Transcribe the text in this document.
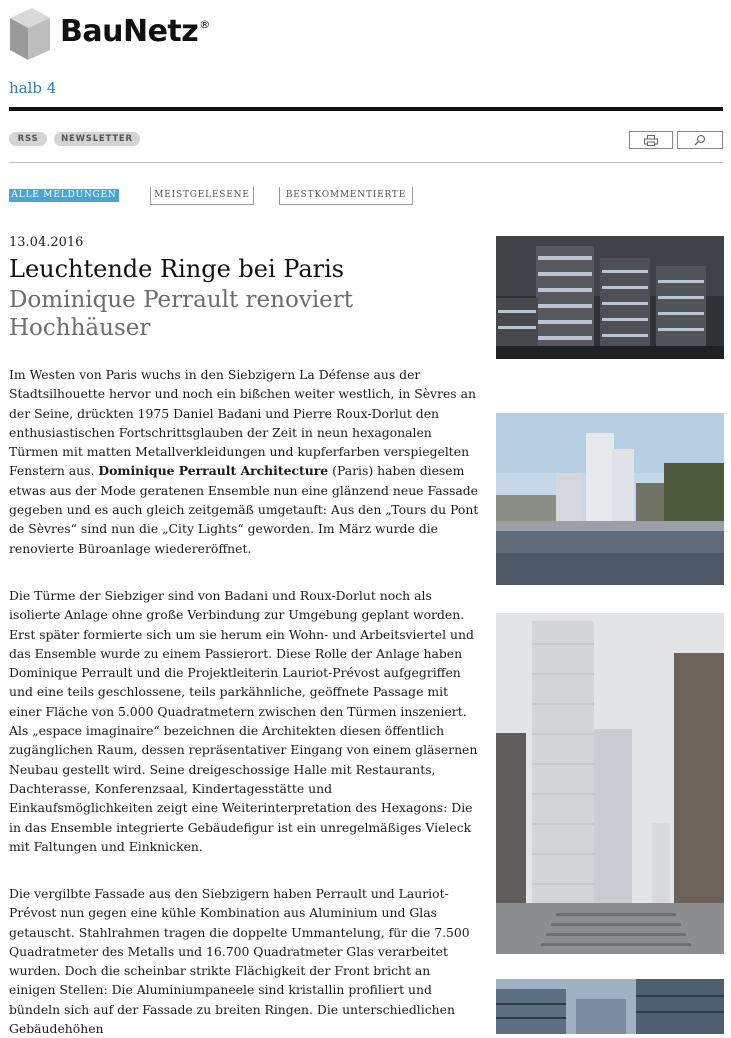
BauNetz®
halb 4
RSS	NEWSLETTER
ALLE MELDUNGEN	MEISTGELESENE	BESTKOMMENTIERTE
13.04.2016
Leuchtende Ringe bei Paris
Dominique Perrault renoviert Hochhäuser

Im Westen von Paris wuchs in den Siebzigern La Défense aus der Stadtsilhouette hervor und noch ein bißchen weiter westlich, in Sèvres an der Seine, drückten 1975 Daniel Badani und Pierre Roux-Dorlut den enthusiastischen Fortschrittsglauben der Zeit in neun hexagonalen Türmen mit matten Metallverkleidungen und kupferfarben verspiegelten Fenstern aus. Dominique Perrault Architecture (Paris) haben diesem etwas aus der Mode geratenen Ensemble nun eine glänzend neue Fassade gegeben und es auch gleich zeitgemäß umgetauft: Aus den „Tours du Pont de Sèvres“ sind nun die „City Lights“ geworden. Im März wurde die renovierte Büroanlage wiedereröffnet.

Die Türme der Siebziger sind von Badani und Roux-Dorlut noch als isolierte Anlage ohne große Verbindung zur Umgebung geplant worden. Erst später formierte sich um sie herum ein Wohn- und Arbeitsviertel und das Ensemble wurde zu einem Passierort. Diese Rolle der Anlage haben Dominique Perrault und die Projektleiterin Lauriot-Prévost aufgegriffen und eine teils geschlossene, teils parkähnliche, geöffnete Passage mit einer Fläche von 5.000 Quadratmetern zwischen den Türmen inszeniert. Als „espace imaginaire“ bezeichnen die Architekten diesen öffentlich zugänglichen Raum, dessen repräsentativer Eingang von einem gläsernen Neubau gestellt wird. Seine dreigeschossige Halle mit Restaurants, Dachterasse, Konferenzsaal, Kindertagesstätte und Einkaufsmöglichkeiten zeigt eine Weiterinterpretation des Hexagons: Die in das Ensemble integrierte Gebäudefigur ist ein unregelmäßiges Vieleck mit Faltungen und Einknicken.

Die vergilbte Fassade aus den Siebzigern haben Perrault und Lauriot-Prévost nun gegen eine kühle Kombination aus Aluminium und Glas getauscht. Stahlrahmen tragen die doppelte Ummantelung, für die 7.500 Quadratmeter des Metalls und 16.700 Quadratmeter Glas verarbeitet wurden. Doch die scheinbar strikte Flächigkeit der Front bricht an einigen Stellen: Die Aluminiumpaneele sind kristallin profiliert und bündeln sich auf der Fassade zu breiten Ringen. Die unterschiedlichen Gebäudehöhen
